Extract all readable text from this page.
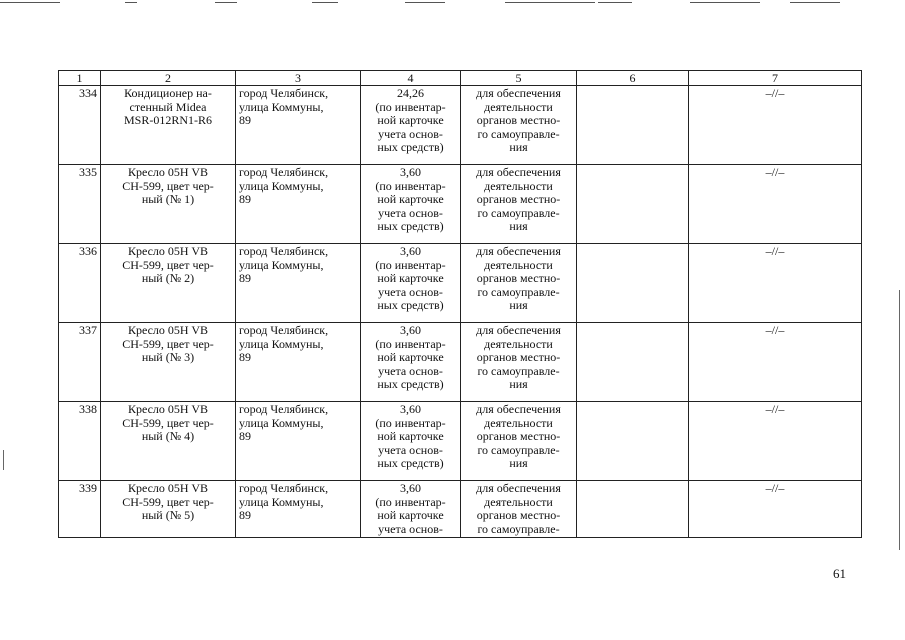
1	2	3	4	5	6	7
334	Кондиционер на-
стенный Midea
MSR-012RN1-R6	город Челябинск,
улица Коммуны,
89	24,26
(по инвентар-
ной карточке
учета основ-
ных средств)	для обеспечения
деятельности
органов местно-
го самоуправле-
ния		–//–
335	Кресло 05H VB
CH-599, цвет чер-
ный (№ 1)	город Челябинск,
улица Коммуны,
89	3,60
(по инвентар-
ной карточке
учета основ-
ных средств)	для обеспечения
деятельности
органов местно-
го самоуправле-
ния		–//–
336	Кресло 05H VB
CH-599, цвет чер-
ный (№ 2)	город Челябинск,
улица Коммуны,
89	3,60
(по инвентар-
ной карточке
учета основ-
ных средств)	для обеспечения
деятельности
органов местно-
го самоуправле-
ния		–//–
337	Кресло 05H VB
CH-599, цвет чер-
ный (№ 3)	город Челябинск,
улица Коммуны,
89	3,60
(по инвентар-
ной карточке
учета основ-
ных средств)	для обеспечения
деятельности
органов местно-
го самоуправле-
ния		–//–
338	Кресло 05H VB
CH-599, цвет чер-
ный (№ 4)	город Челябинск,
улица Коммуны,
89	3,60
(по инвентар-
ной карточке
учета основ-
ных средств)	для обеспечения
деятельности
органов местно-
го самоуправле-
ния		–//–
339	Кресло 05H VB
CH-599, цвет чер-
ный (№ 5)	город Челябинск,
улица Коммуны,
89	3,60
(по инвентар-
ной карточке
учета основ-	для обеспечения
деятельности
органов местно-
го самоуправле-		–//–
61
